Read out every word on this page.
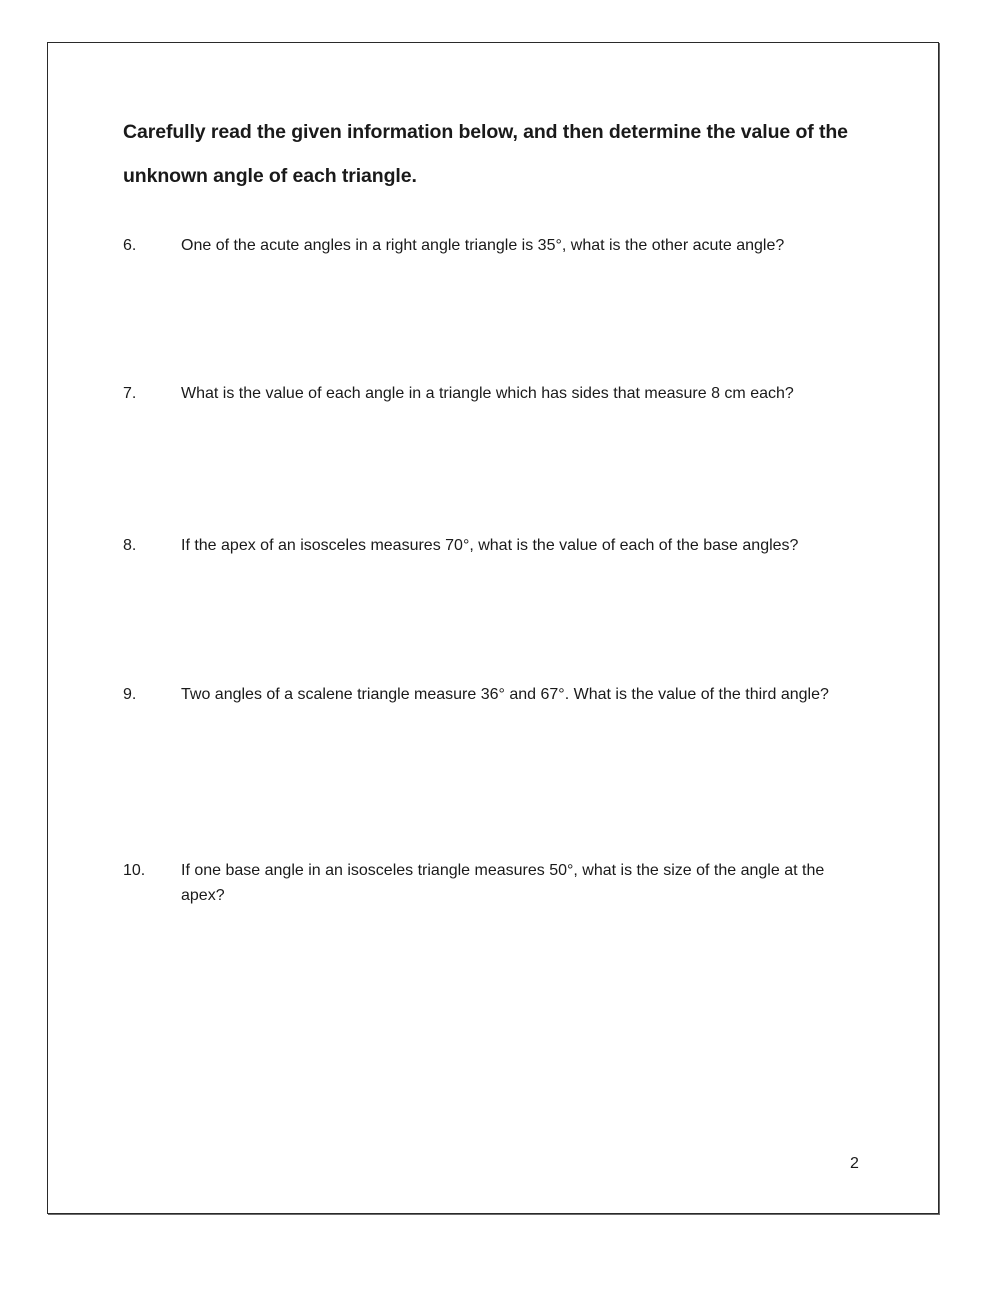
Carefully read the given information below, and then determine the value of the unknown angle of each triangle.

6.	One of the acute angles in a right angle triangle is 35°, what is the other acute angle?
7.	What is the value of each angle in a triangle which has sides that measure 8 cm each?
8.	If the apex of an isosceles measures 70°, what is the value of each of the base angles?
9.	Two angles of a scalene triangle measure 36° and 67°. What is the value of the third angle?
10. If one base angle in an isosceles triangle measures 50°, what is the size of the angle at the apex?
2
